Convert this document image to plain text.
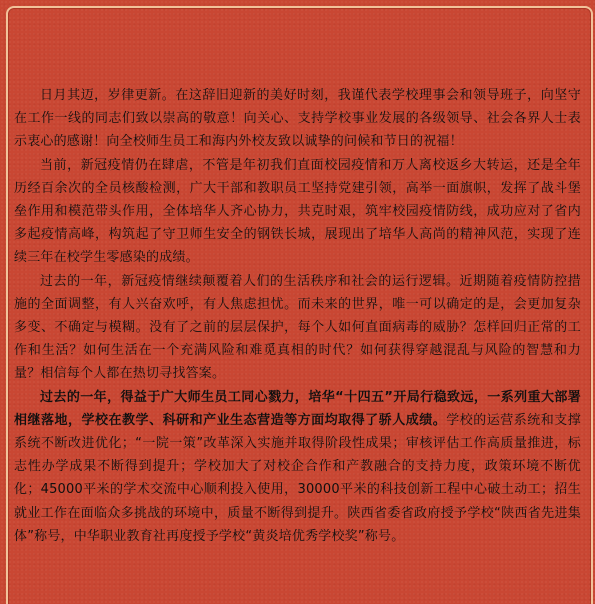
日月其迈，岁律更新。在这辞旧迎新的美好时刻，我谨代表学校理事会和领导班子，向坚守在工作一线的同志们致以崇高的敬意！向关心、支持学校事业发展的各级领导、社会各界人士表示衷心的感谢！向全校师生员工和海内外校友致以诚挚的问候和节日的祝福！

当前，新冠疫情仍在肆虐，不管是年初我们直面校园疫情和万人离校返乡大转运，还是全年历经百余次的全员核酸检测，广大干部和教职员工坚持党建引领，高举一面旗帜，发挥了战斗堡垒作用和模范带头作用，全体培华人齐心协力，共克时艰，筑牢校园疫情防线，成功应对了省内多起疫情高峰，构筑起了守卫师生安全的钢铁长城，展现出了培华人高尚的精神风范，实现了连续三年在校学生零感染的成绩。

过去的一年，新冠疫情继续颠覆着人们的生活秩序和社会的运行逻辑。近期随着疫情防控措施的全面调整，有人兴奋欢呼，有人焦虑担忧。而未来的世界，唯一可以确定的是，会更加复杂多变、不确定与模糊。没有了之前的层层保护，每个人如何直面病毒的威胁？怎样回归正常的工作和生活？如何生活在一个充满风险和难觅真相的时代？如何获得穿越混乱与风险的智慧和力量？相信每个人都在热切寻找答案。

过去的一年，得益于广大师生员工同心戮力，培华“十四五”开局行稳致远，一系列重大部署相继落地，学校在教学、科研和产业生态营造等方面均取得了骄人成绩。学校的运营系统和支撑系统不断改进优化；“一院一策”改革深入实施并取得阶段性成果；审核评估工作高质量推进，标志性办学成果不断得到提升；学校加大了对校企合作和产教融合的支持力度，政策环境不断优化；45000平米的学术交流中心顺利投入使用，30000平米的科技创新工程中心破土动工；招生就业工作在面临众多挑战的环境中，质量不断得到提升。陕西省委省政府授予学校“陕西省先进集体”称号，中华职业教育社再度授予学校“黄炎培优秀学校奖”称号。
